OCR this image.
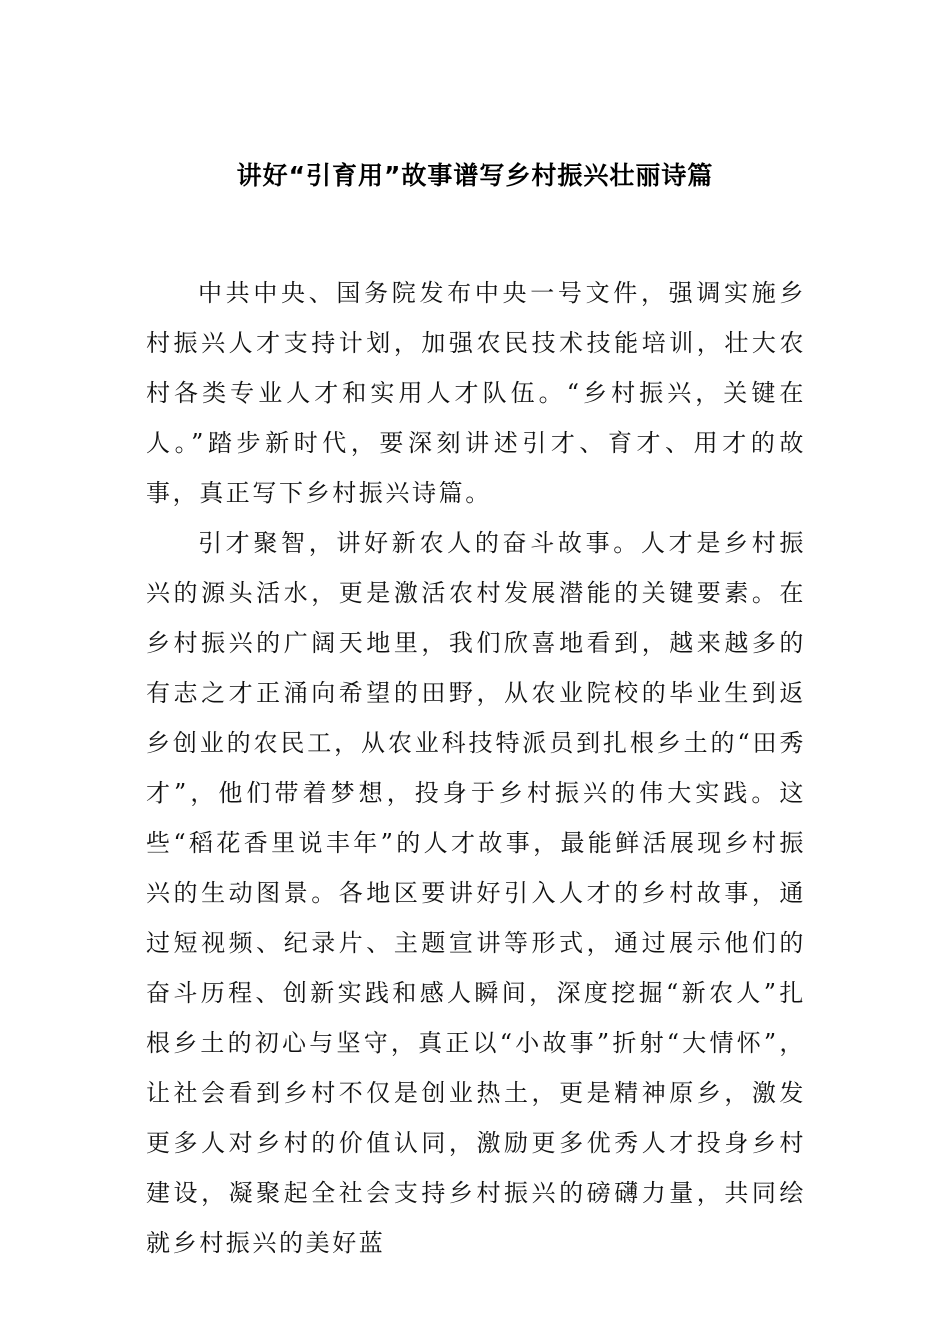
讲好“引育用”故事谱写乡村振兴壮丽诗篇

中共中央、国务院发布中央一号文件，强调实施乡村振兴人才支持计划，加强农民技术技能培训，壮大农村各类专业人才和实用人才队伍。“乡村振兴，关键在人。”踏步新时代，要深刻讲述引才、育才、用才的故事，真正写下乡村振兴诗篇。

引才聚智，讲好新农人的奋斗故事。人才是乡村振兴的源头活水，更是激活农村发展潜能的关键要素。在乡村振兴的广阔天地里，我们欣喜地看到，越来越多的有志之才正涌向希望的田野，从农业院校的毕业生到返乡创业的农民工，从农业科技特派员到扎根乡土的“田秀才”，他们带着梦想，投身于乡村振兴的伟大实践。这些“稻花香里说丰年”的人才故事，最能鲜活展现乡村振兴的生动图景。各地区要讲好引入人才的乡村故事，通过短视频、纪录片、主题宣讲等形式，通过展示他们的奋斗历程、创新实践和感人瞬间，深度挖掘“新农人”扎根乡土的初心与坚守，真正以“小故事”折射“大情怀”，让社会看到乡村不仅是创业热土，更是精神原乡，激发更多人对乡村的价值认同，激励更多优秀人才投身乡村建设，凝聚起全社会支持乡村振兴的磅礴力量，共同绘就乡村振兴的美好蓝
